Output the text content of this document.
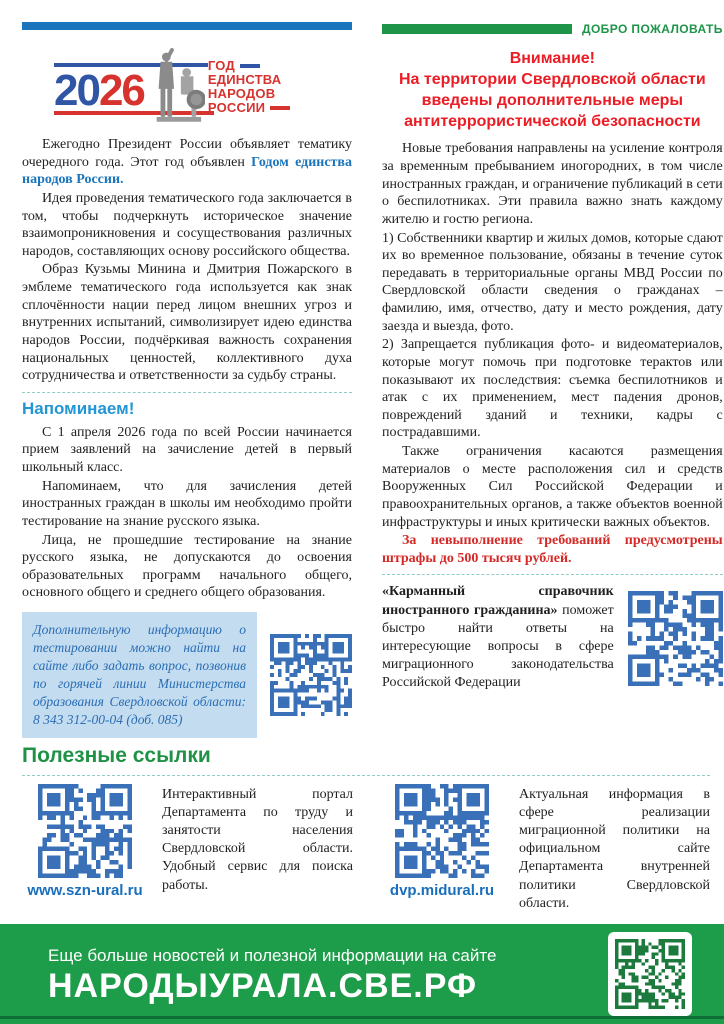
2026
ГОД
ЕДИНСТВА
НАРОДОВ
РОССИИ

Ежегодно Президент России объявляет тематику очередного года. Этот год объявлен Годом единства народов России.

Идея проведения тематического года заключается в том, чтобы подчеркнуть историческое значение взаимопроникновения и сосуществования различных народов, составляющих основу российского общества.

Образ Кузьмы Минина и Дмитрия Пожарского в эмблеме тематического года используется как знак сплочённости нации перед лицом внешних угроз и внутренних испытаний, символизирует идею единства народов России, подчёркивая важность сохранения национальных ценностей, коллективного духа сотрудничества и ответственности за судьбу страны.

Напоминаем!

С 1 апреля 2026 года по всей России начинается прием заявлений на зачисление детей в первый школьный класс.

Напоминаем, что для зачисления детей иностранных граждан в школы им необходимо пройти тестирование на знание русского языка.

Лица, не прошедшие тестирование на знание русского языка, не допускаются до освоения образовательных программ начального общего, основного общего и среднего общего образования.

Дополнительную информацию о тестировании можно найти на сайте либо задать вопрос, позвонив по горячей линии Министерства образования Свердловской области: 8 343 312-00-04 (доб. 085)
ДОБРО ПОЖАЛОВАТЬ
Внимание!
На территории Свердловской области введены дополнительные меры антитеррористической безопасности

Новые требования направлены на усиление контроля за временным пребыванием иногородних, в том числе иностранных граждан, и ограничение публикаций в сети о беспилотниках. Эти правила важно знать каждому жителю и гостю региона.

1) Собственники квартир и жилых домов, которые сдают их во временное пользование, обязаны в течение суток передавать в территориальные органы МВД России по Свердловской области сведения о гражданах – фамилию, имя, отчество, дату и место рождения, дату заезда и выезда, фото.

2) Запрещается публикация фото- и видеоматериалов, которые могут помочь при подготовке терактов или показывают их последствия: съемка беспилотников и атак с их применением, мест падения дронов, повреждений зданий и техники, кадры с пострадавшими.

Также ограничения касаются размещения материалов о месте расположения сил и средств Вооруженных Сил Российской Федерации и правоохранительных органов, а также объектов военной инфраструктуры и иных критически важных объектов.

За невыполнение требований предусмотрены штрафы до 500 тысяч рублей.

«Карманный справочник иностранного гражданина» поможет быстро найти ответы на интересующие вопросы в сфере миграционного законодательства Российской Федерации
Полезные ссылки
www.szn-ural.ru
Интерактивный портал Департамента по труду и занятости населения Свердловской области. Удобный сервис для поиска работы.	dvp.midural.ru
Актуальная информация в сфере реализации миграционной политики на официальном сайте Департамента внутренней политики Свердловской области.
Еще больше новостей и полезной информации на сайте
НАРОДЫУРАЛА.СВЕ.РФ
